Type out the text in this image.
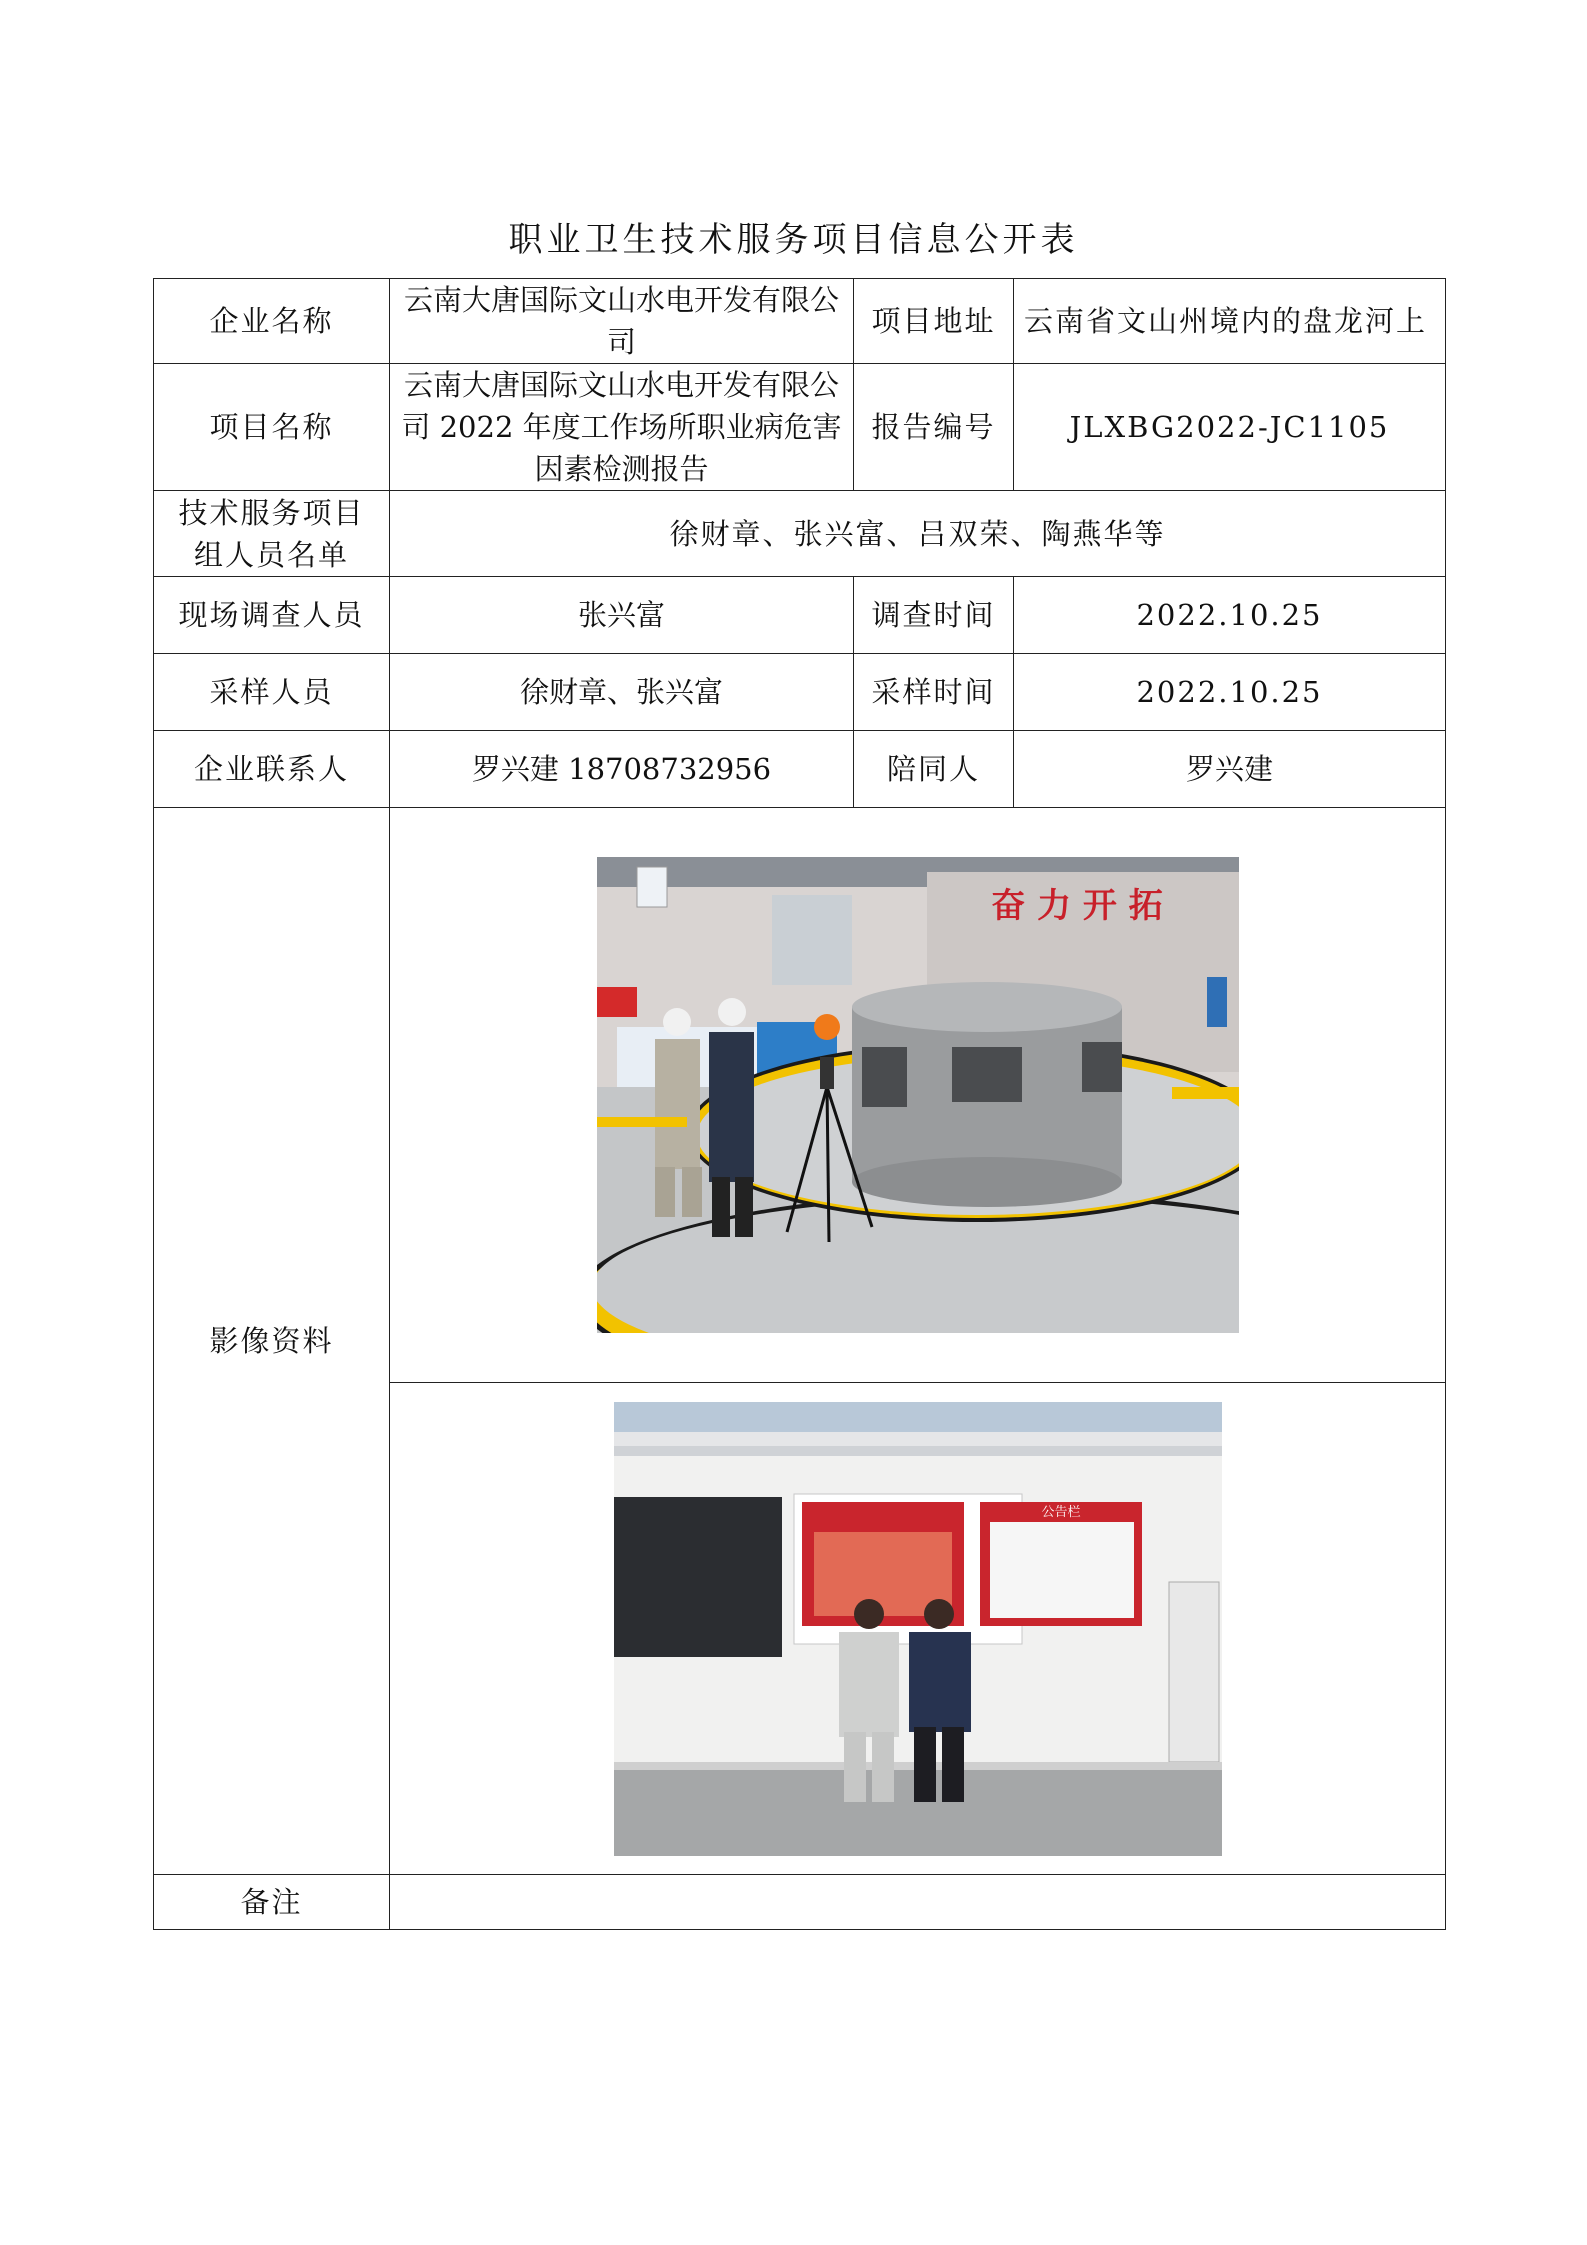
职业卫生技术服务项目信息公开表
企业名称	云南大唐国际文山水电开发有限公司	项目地址	云南省文山州境内的盘龙河上
项目名称	云南大唐国际文山水电开发有限公司 2022 年度工作场所职业病危害因素检测报告	报告编号	JLXBG2022-JC1105
技术服务项目组人员名单	徐财章、张兴富、吕双荣、陶燕华等		
现场调查人员	张兴富	调查时间	2022.10.25
采样人员	徐财章、张兴富	采样时间	2022.10.25
企业联系人	罗兴建 18708732956	陪同人	罗兴建
影像资料	奋 力 开 拓		

公告栏		

备注			
